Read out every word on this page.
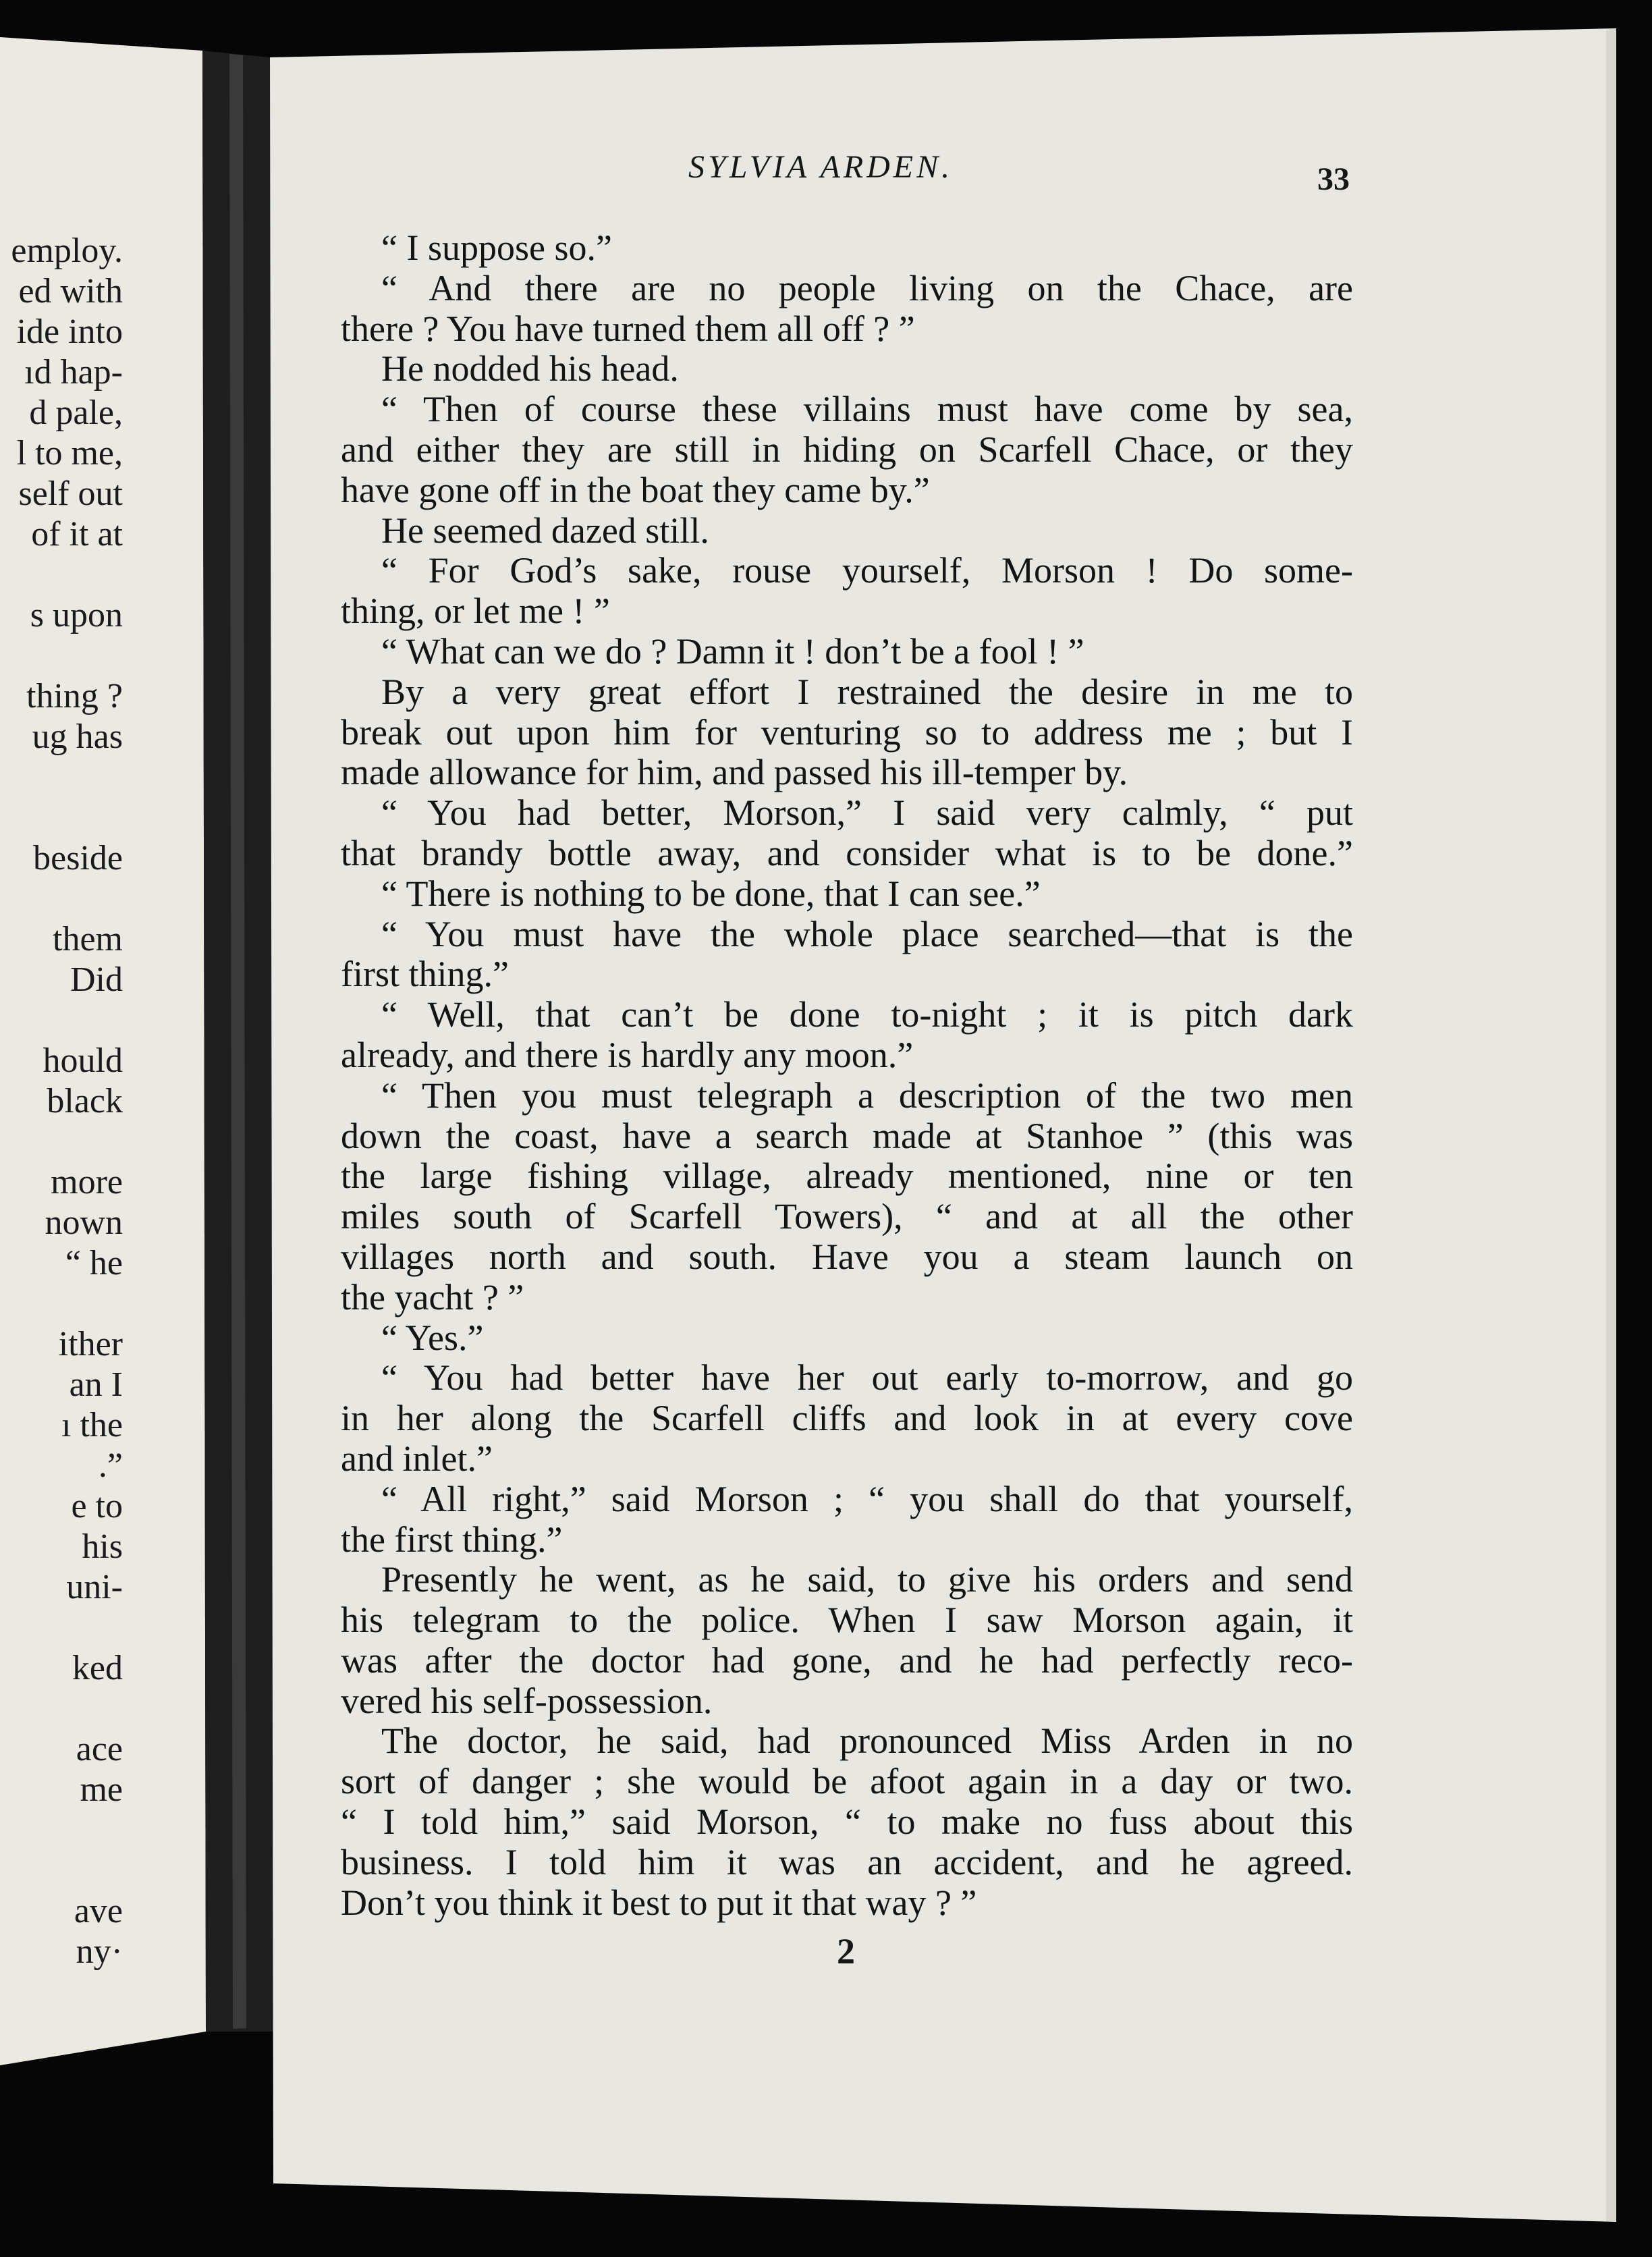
employ.
ed with
ide into
ıd hap-
d pale,
l to me,
self out
of it at
s upon
thing ?
ug has
beside
them
Did
hould
black
more
nown
“ he
ither
an I
ı the
.”
e to
his
uni-
ked
ace
me
ave
ny·
SYLVIA ARDEN.	33
“ I suppose so.”
“ And there are no people living on the Chace, are
there ? You have turned them all off ? ”
He nodded his head.
“ Then of course these villains must have come by sea,
and either they are still in hiding on Scarfell Chace, or they
have gone off in the boat they came by.”
He seemed dazed still.
“ For God’s sake, rouse yourself, Morson ! Do some-
thing, or let me ! ”
“ What can we do ? Damn it ! don’t be a fool ! ”
By a very great effort I restrained the desire in me to
break out upon him for venturing so to address me ; but I
made allowance for him, and passed his ill-temper by.
“ You had better, Morson,” I said very calmly, “ put
that brandy bottle away, and consider what is to be done.”
“ There is nothing to be done, that I can see.”
“ You must have the whole place searched—that is the
first thing.”
“ Well, that can’t be done to-night ; it is pitch dark
already, and there is hardly any moon.”
“ Then you must telegraph a description of the two men
down the coast, have a search made at Stanhoe ” (this was
the large fishing village, already mentioned, nine or ten
miles south of Scarfell Towers), “ and at all the other
villages north and south. Have you a steam launch on
the yacht ? ”
“ Yes.”
“ You had better have her out early to-morrow, and go
in her along the Scarfell cliffs and look in at every cove
and inlet.”
“ All right,” said Morson ; “ you shall do that yourself,
the first thing.”
Presently he went, as he said, to give his orders and send
his telegram to the police. When I saw Morson again, it
was after the doctor had gone, and he had perfectly reco-
vered his self-possession.
The doctor, he said, had pronounced Miss Arden in no
sort of danger ; she would be afoot again in a day or two.
“ I told him,” said Morson, “ to make no fuss about this
business. I told him it was an accident, and he agreed.
Don’t you think it best to put it that way ? ”
2
